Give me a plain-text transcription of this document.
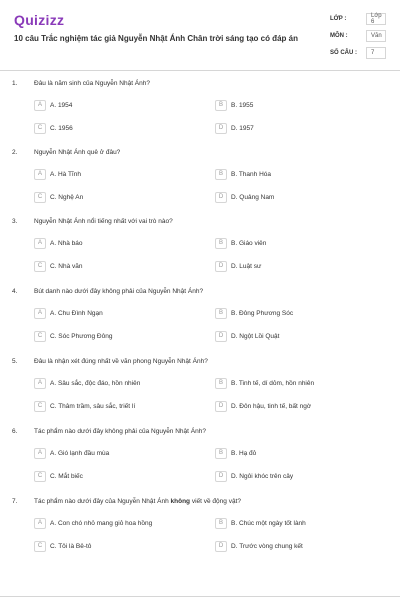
Quizizz
10 câu Trắc nghiệm tác giả Nguyễn Nhật Ánh Chân trời sáng tạo có đáp án
LỚP :	Lớp 6
MÔN :	Văn
SỐ CÂU :	7
1.	Đâu là năm sinh của Nguyễn Nhật Ánh?
A	A. 1954	B	B. 1955
C	C. 1956	D	D. 1957
2.	Nguyễn Nhật Ánh quê ở đâu?
A	A. Hà Tĩnh	B	B. Thanh Hóa
C	C. Nghệ An	D	D. Quảng Nam
3.	Nguyễn Nhật Ánh nổi tiếng nhất với vai trò nào?
A	A. Nhà báo	B	B. Giáo viên
C	C. Nhà văn	D	D. Luật sư
4.	Bút danh nào dưới đây không phải của Nguyễn Nhật Ánh?
A	A. Chu Đình Ngạn	B	B. Đông Phương Sóc
C	C. Sóc Phương Đông	D	D. Ngột Lồi Quật
5.	Đâu là nhận xét đúng nhất về văn phong Nguyễn Nhật Ánh?
A	A. Sâu sắc, độc đáo, hồn nhiên	B	B. Tinh tế, dí dỏm, hồn nhiên
C	C. Thâm trầm, sâu sắc, triết lí	D	D. Đôn hậu, tinh tế, bất ngờ
6.	Tác phẩm nào dưới đây không phải của Nguyễn Nhật Ánh?
A	A. Gió lạnh đầu mùa	B	B. Hạ đỏ
C	C. Mắt biếc	D	D. Ngôi khóc trên cây
7.	Tác phẩm nào dưới đây của Nguyễn Nhật Ánh không viết về động vật?
A	A. Con chó nhỏ mang giỏ hoa hồng	B	B. Chúc một ngày tốt lành
C	C. Tôi là Bê-tô	D	D. Trước vòng chung kết
